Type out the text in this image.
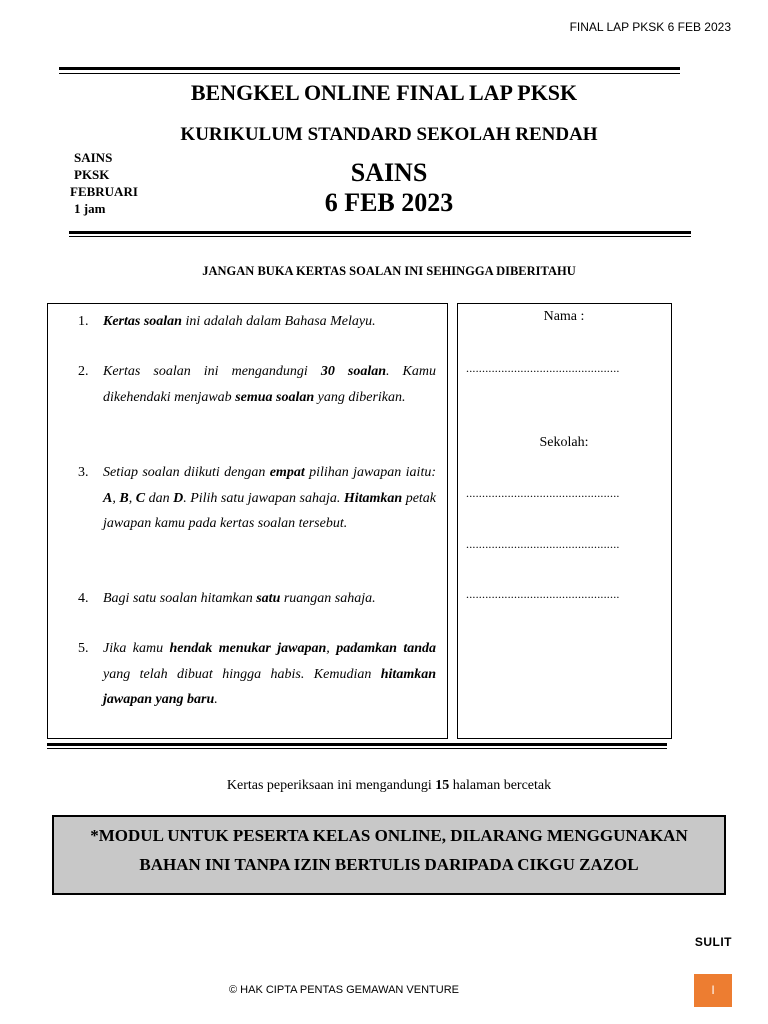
FINAL LAP PKSK 6 FEB 2023
BENGKEL ONLINE FINAL LAP PKSK
KURIKULUM STANDARD SEKOLAH RENDAH
SAINS
PKSK
FEBRUARI
1 jam
SAINS
6 FEB 2023
JANGAN BUKA KERTAS SOALAN INI SEHINGGA DIBERITAHU
1. Kertas soalan ini adalah dalam Bahasa Melayu.
2. Kertas soalan ini mengandungi 30 soalan. Kamu dikehendaki menjawab semua soalan yang diberikan.
3. Setiap soalan diikuti dengan empat pilihan jawapan iaitu: A, B, C dan D. Pilih satu jawapan sahaja. Hitamkan petak jawapan kamu pada kertas soalan tersebut.
4. Bagi satu soalan hitamkan satu ruangan sahaja.
5. Jika kamu hendak menukar jawapan, padamkan tanda yang telah dibuat hingga habis. Kemudian hitamkan jawapan yang baru.
Nama :
................................................
Sekolah:
................................................
................................................
................................................
Kertas peperiksaan ini mengandungi 15 halaman bercetak
*MODUL UNTUK PESERTA KELAS ONLINE, DILARANG MENGGUNAKAN
BAHAN INI TANPA IZIN BERTULIS DARIPADA CIKGU ZAZOL
SULIT
© HAK CIPTA PENTAS GEMAWAN VENTURE	I
